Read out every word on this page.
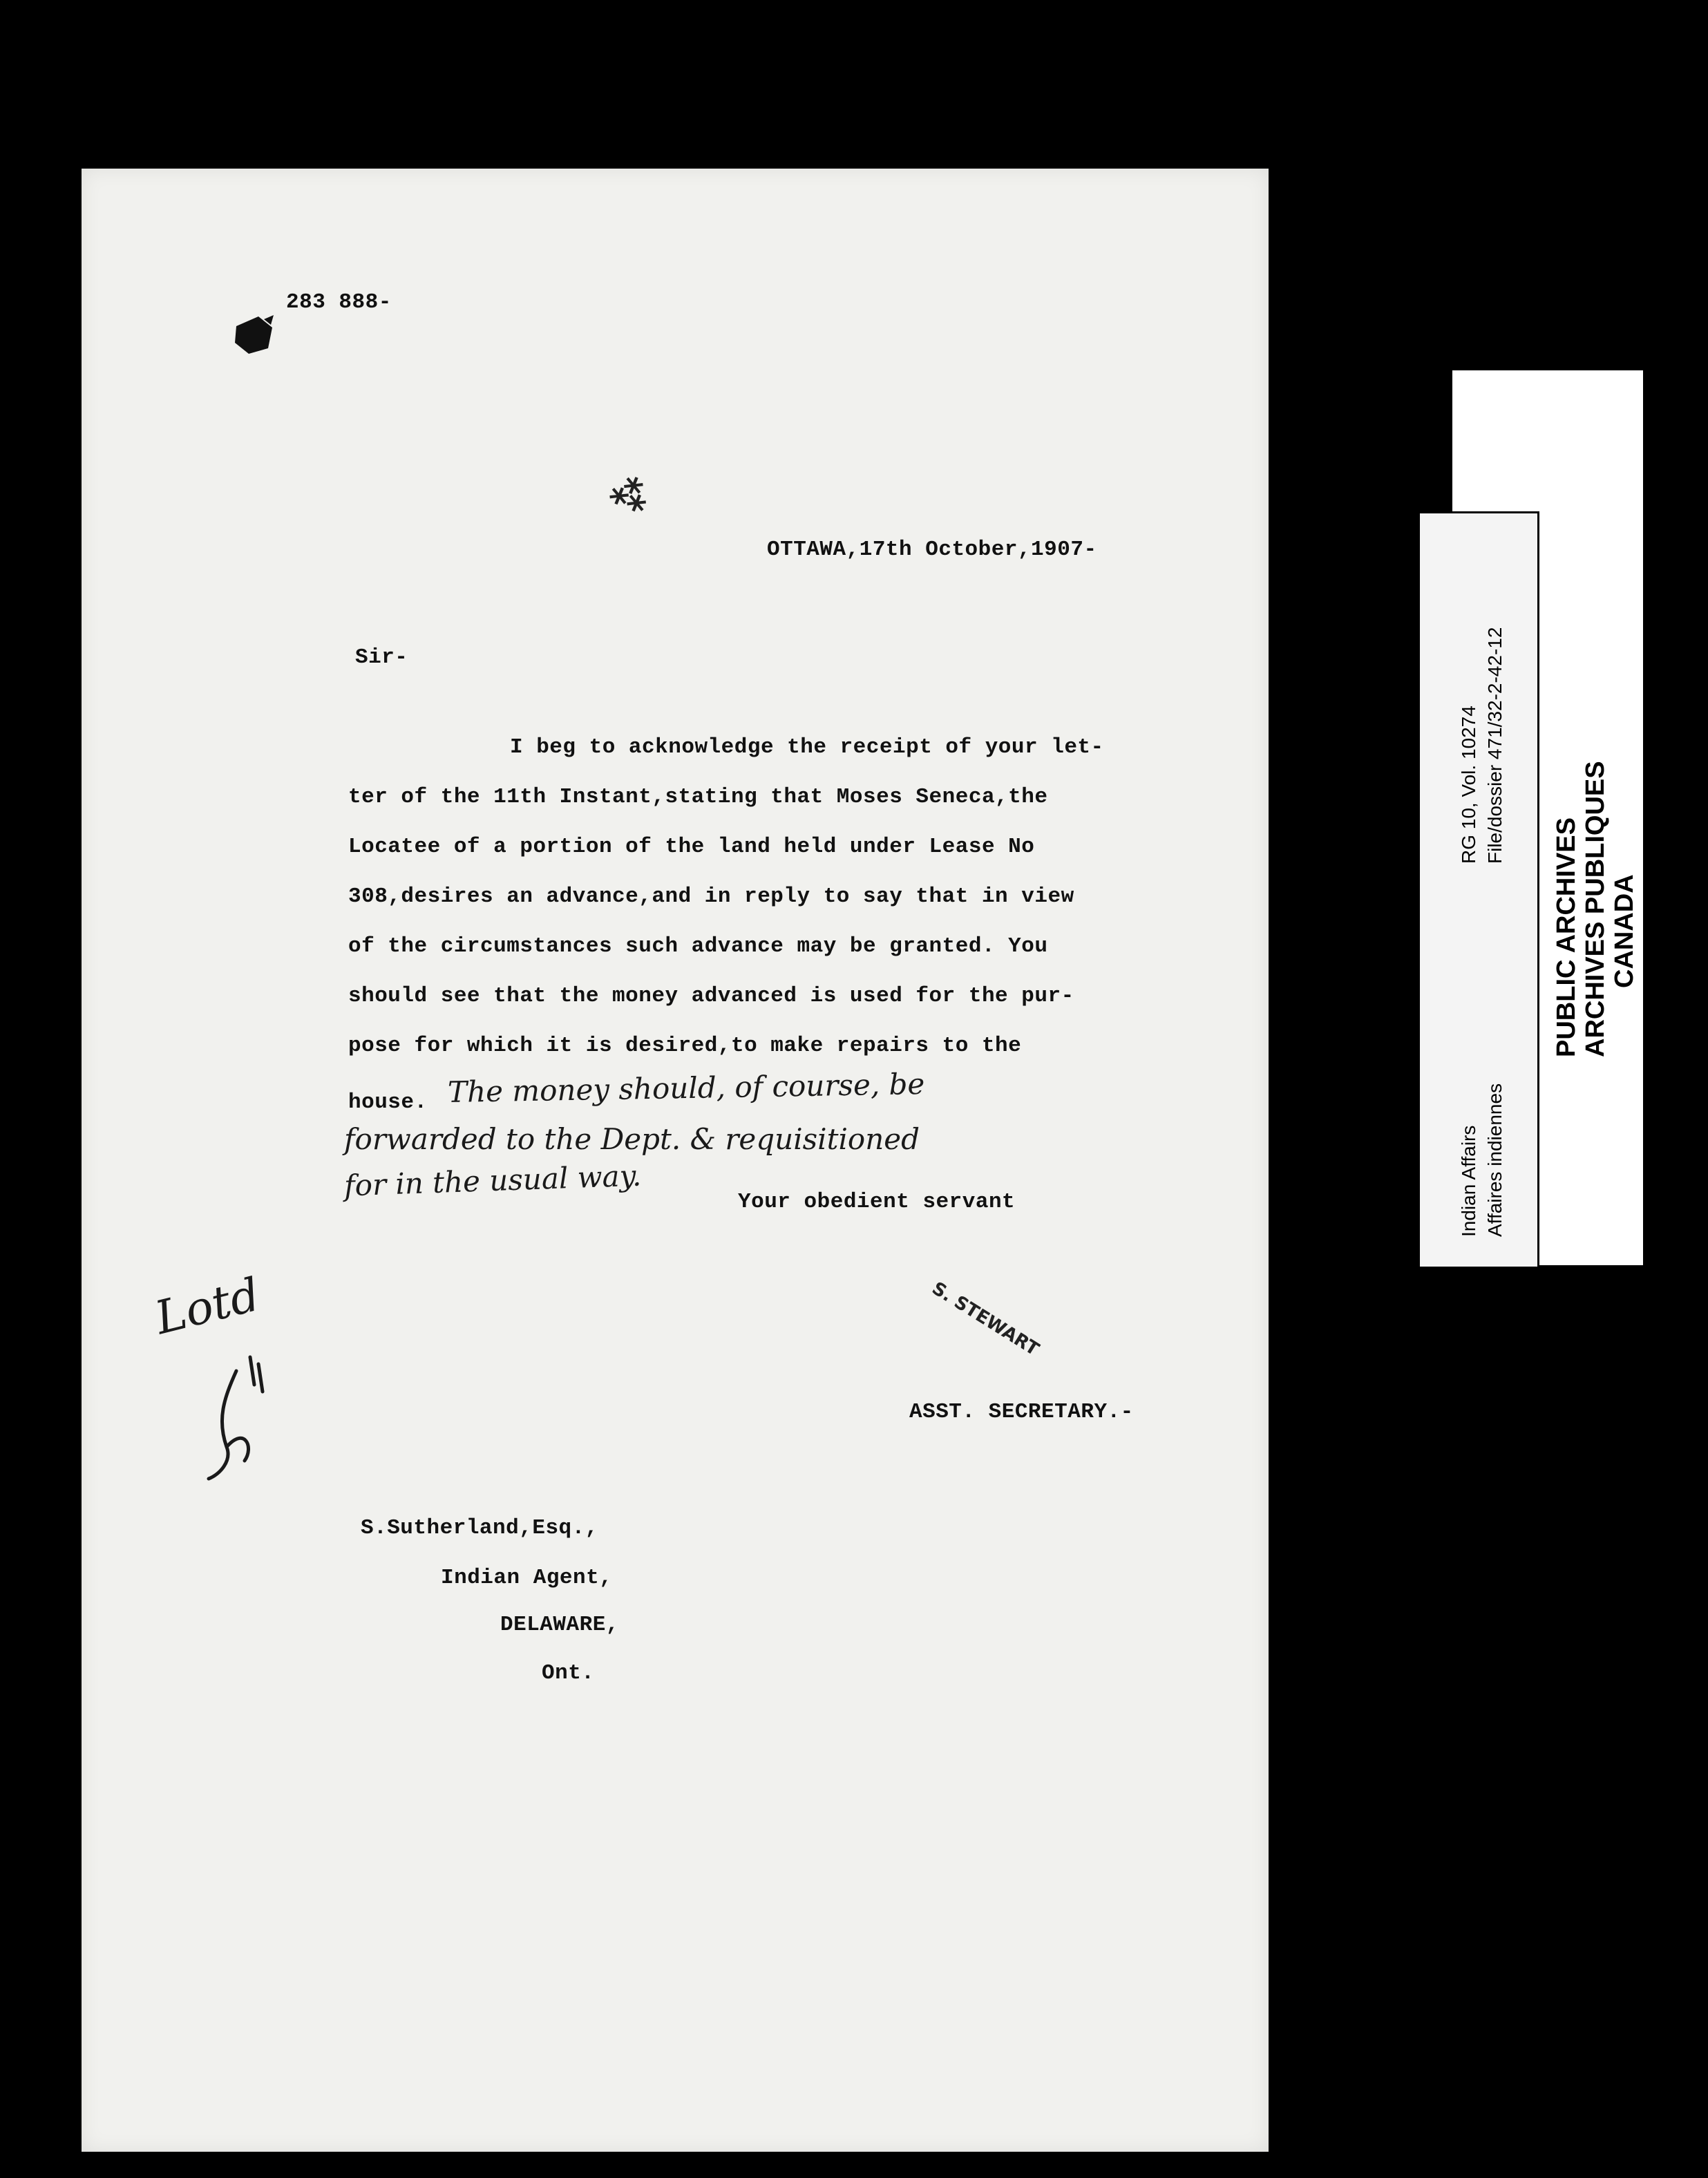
283 888-

⁂

OTTAWA,17th October,1907-

Sir-

I beg to acknowledge the receipt of your let-

ter of the 11th Instant,stating that Moses Seneca,the

Locatee of a portion of the land held under Lease No

308,desires an advance,and in reply to say that in view

of the circumstances such advance may be granted. You

should see that the money advanced is used for the pur-

pose for which it is desired,to make repairs to the

house. The money should, of course, be

forwarded to the Dept. & requisitioned

for in the usual way.	Your obedient servant

S. STEWART

ASST. SECRETARY.-

Lotd

S.Sutherland,Esq.,

Indian Agent,

DELAWARE,

Ont.

Indian Affairs Affaires indiennes
RG 10, Vol. 10274 File/dossier 471/32-2-42-12
PUBLIC ARCHIVES ARCHIVES PUBLIQUES CANADA
